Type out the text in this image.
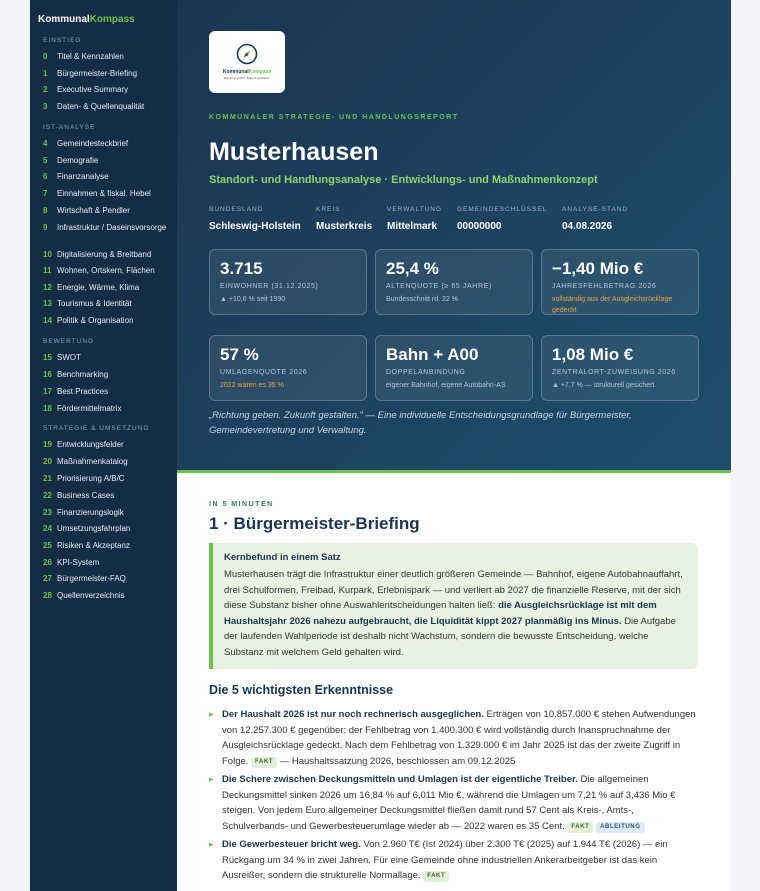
KommunalKompass
EINSTIEG
0 Titel & Kennzahlen
1 Bürgermeister-Briefing
2 Executive Summary
3 Daten- & Quellenqualität
IST-ANALYSE
4 Gemeindesteckbrief
5 Demografie
6 Finanzanalyse
7 Einnahmen & fiskal. Hebel
8 Wirtschaft & Pendler
9 Infrastruktur / Daseinsvorsorge
10 Digitalisierung & Breitband
11 Wohnen, Ortskern, Flächen
12 Energie, Wärme, Klima
13 Tourismus & Identität
14 Politik & Organisation
BEWERTUNG
15 SWOT
16 Benchmarking
17 Best Practices
18 Fördermittelmatrix
STRATEGIE & UMSETZUNG
19 Entwicklungsfelder
20 Maßnahmenkatalog
21 Priorisierung A/B/C
22 Business Cases
23 Finanzierungslogik
24 Umsetzungsfahrplan
25 Risiken & Akzeptanz
26 KPI-System
27 Bürgermeister-FAQ
28 Quellenverzeichnis
KommunalKompass
Richtung geben. Zukunft gestalten.
KOMMUNALER STRATEGIE- UND HANDLUNGSREPORT
Musterhausen
Standort- und Handlungsanalyse · Entwicklungs- und Maßnahmenkonzept
BUNDESLAND
Schleswig-Holstein
KREIS
Musterkreis
VERWALTUNG
Mittelmark
GEMEINDESCHLÜSSEL
00000000
ANALYSE-STAND
04.08.2026
3.715
EINWOHNER (31.12.2025)
▲ +10,6 % seit 1990
25,4 %
ALTENQUOTE (≥ 65 JAHRE)
Bundesschnitt rd. 22 %
−1,40 Mio €
JAHRESFEHLBETRAG 2026
vollständig aus der Ausgleichsrücklage gedeckt
57 %
UMLAGENQUOTE 2026
2022 waren es 35 %
Bahn + A00
DOPPELANBINDUNG
eigener Bahnhof, eigene Autobahn-AS
1,08 Mio €
ZENTRALORT-ZUWEISUNG 2026
▲ +7,7 % — strukturell gesichert
„Richtung geben. Zukunft gestalten." — Eine individuelle Entscheidungsgrundlage für Bürgermeister, Gemeindevertretung und Verwaltung.
IN 5 MINUTEN
1 · Bürgermeister-Briefing
Kernbefund in einem Satz
Musterhausen trägt die Infrastruktur einer deutlich größeren Gemeinde — Bahnhof, eigene Autobahnauffahrt, drei Schulformen, Freibad, Kurpark, Erlebnispark — und verliert ab 2027 die finanzielle Reserve, mit der sich diese Substanz bisher ohne Auswahlentscheidungen halten ließ: die Ausgleichsrücklage ist mit dem Haushaltsjahr 2026 nahezu aufgebraucht, die Liquidität kippt 2027 planmäßig ins Minus. Die Aufgabe der laufenden Wahlperiode ist deshalb nicht Wachstum, sondern die bewusste Entscheidung, welche Substanz mit welchem Geld gehalten wird.
Die 5 wichtigsten Erkenntnisse
▸ Der Haushalt 2026 ist nur noch rechnerisch ausgeglichen. Erträgen von 10.857.000 € stehen Aufwendungen von 12.257.300 € gegenüber; der Fehlbetrag von 1.400.300 € wird vollständig durch Inanspruchnahme der Ausgleichsrücklage gedeckt. Nach dem Fehlbetrag von 1.329.000 € im Jahr 2025 ist das der zweite Zugriff in Folge. FAKT — Haushaltssatzung 2026, beschlossen am 09.12.2025
▸ Die Schere zwischen Deckungsmitteln und Umlagen ist der eigentliche Treiber. Die allgemeinen Deckungsmittel sinken 2026 um 16,84 % auf 6,011 Mio €, während die Umlagen um 7,21 % auf 3,436 Mio € steigen. Von jedem Euro allgemeiner Deckungsmittel fließen damit rund 57 Cent als Kreis-, Amts-, Schulverbands- und Gewerbesteuerumlage wieder ab — 2022 waren es 35 Cent. FAKT ABLEITUNG
▸ Die Gewerbesteuer bricht weg. Von 2.960 T€ (Ist 2024) über 2.300 T€ (2025) auf 1.944 T€ (2026) — ein Rückgang um 34 % in zwei Jahren. Für eine Gemeinde ohne industriellen Ankerarbeitgeber ist das kein Ausreißer, sondern die strukturelle Normallage. FAKT
